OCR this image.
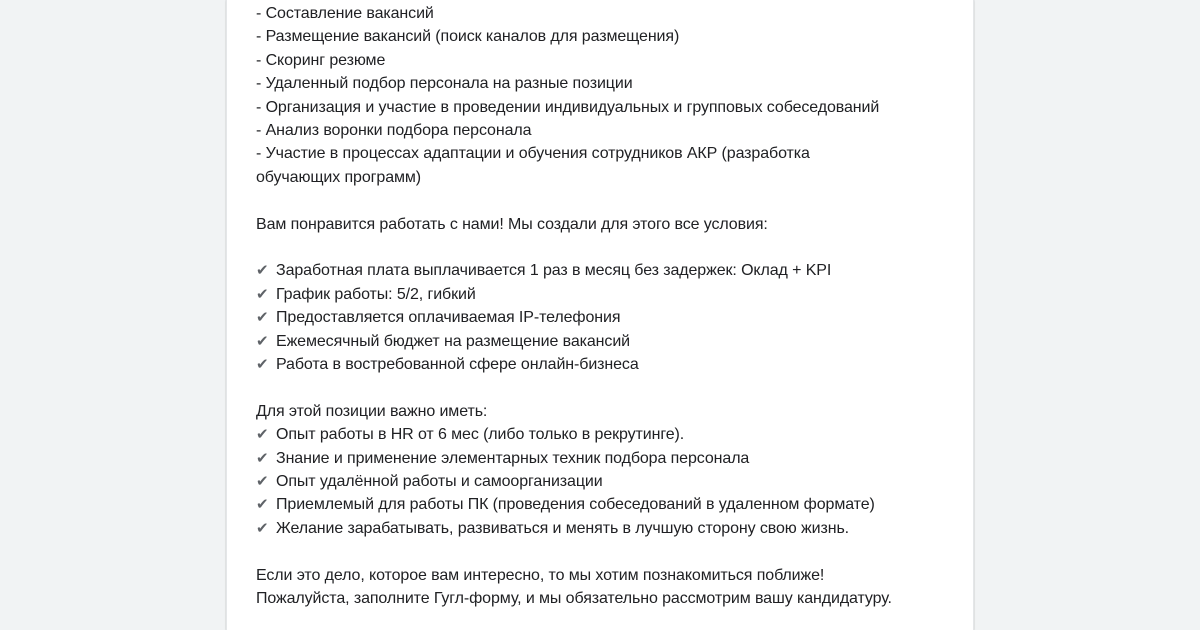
- Составление вакансий
- Размещение вакансий (поиск каналов для размещения)
- Скоринг резюме
- Удаленный подбор персонала на разные позиции
- Организация и участие в проведении индивидуальных и групповых собеседований
- Анализ воронки подбора персонала
- Участие в процессах адаптации и обучения сотрудников АКР (разработка
обучающих программ)
Вам понравится работать с нами! Мы создали для этого все условия:
✔ Заработная плата выплачивается 1 раз в месяц без задержек: Оклад + KPI
✔ График работы: 5/2, гибкий
✔ Предоставляется оплачиваемая IP-телефония
✔ Ежемесячный бюджет на размещение вакансий
✔ Работа в востребованной сфере онлайн-бизнеса
Для этой позиции важно иметь:
✔ Опыт работы в HR от 6 мес (либо только в рекрутинге).
✔ Знание и применение элементарных техник подбора персонала
✔ Опыт удалённой работы и самоорганизации
✔ Приемлемый для работы ПК (проведения собеседований в удаленном формате)
✔ Желание зарабатывать, развиваться и менять в лучшую сторону свою жизнь.
Если это дело, которое вам интересно, то мы хотим познакомиться поближе!
Пожалуйста, заполните Гугл-форму, и мы обязательно рассмотрим вашу кандидатуру.
